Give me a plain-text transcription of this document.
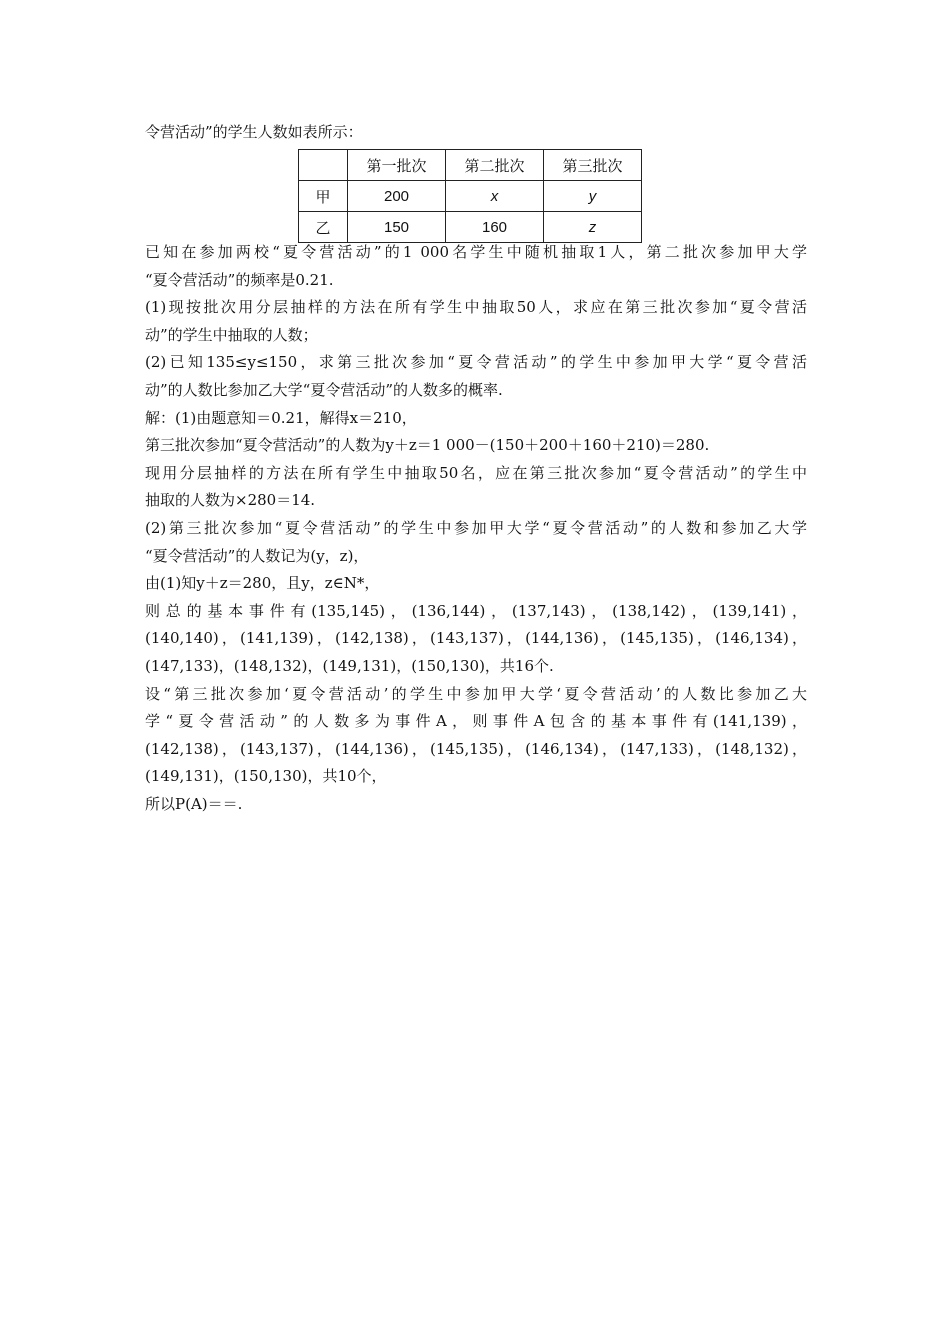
令营活动”的学生人数如表所示：
	第一批次	第二批次	第三批次
甲	200	x	y
乙	150	160	z
已知在参加两校“夏令营活动”的1 000名学生中随机抽取1人，第二批次参加甲大学
“夏令营活动”的频率是0.21.
(1)现按批次用分层抽样的方法在所有学生中抽取50人，求应在第三批次参加“夏令营活
动”的学生中抽取的人数；
(2)已知135≤y≤150，求第三批次参加“夏令营活动”的学生中参加甲大学“夏令营活
动”的人数比参加乙大学“夏令营活动”的人数多的概率.
解：(1)由题意知＝0.21，解得x＝210，
第三批次参加“夏令营活动”的人数为y＋z＝1 000－(150＋200＋160＋210)＝280.
现用分层抽样的方法在所有学生中抽取50名，应在第三批次参加“夏令营活动”的学生中
抽取的人数为×280＝14.
(2)第三批次参加“夏令营活动”的学生中参加甲大学“夏令营活动”的人数和参加乙大学
“夏令营活动”的人数记为(y，z)，
由(1)知y＋z＝280，且y，z∈N*，
则总的基本事件有(135,145)，(136,144)，(137,143)，(138,142)，(139,141)，
(140,140)，(141,139)，(142,138)，(143,137)，(144,136)，(145,135)，(146,134)，
(147,133)，(148,132)，(149,131)，(150,130)，共16个.
设“第三批次参加‘夏令营活动’的学生中参加甲大学‘夏令营活动’的人数比参加乙大
学“夏令营活动”的人数多为事件A，则事件A包含的基本事件有(141,139)，
(142,138)，(143,137)，(144,136)，(145,135)，(146,134)，(147,133)，(148,132)，
(149,131)，(150,130)，共10个，
所以P(A)＝＝.
